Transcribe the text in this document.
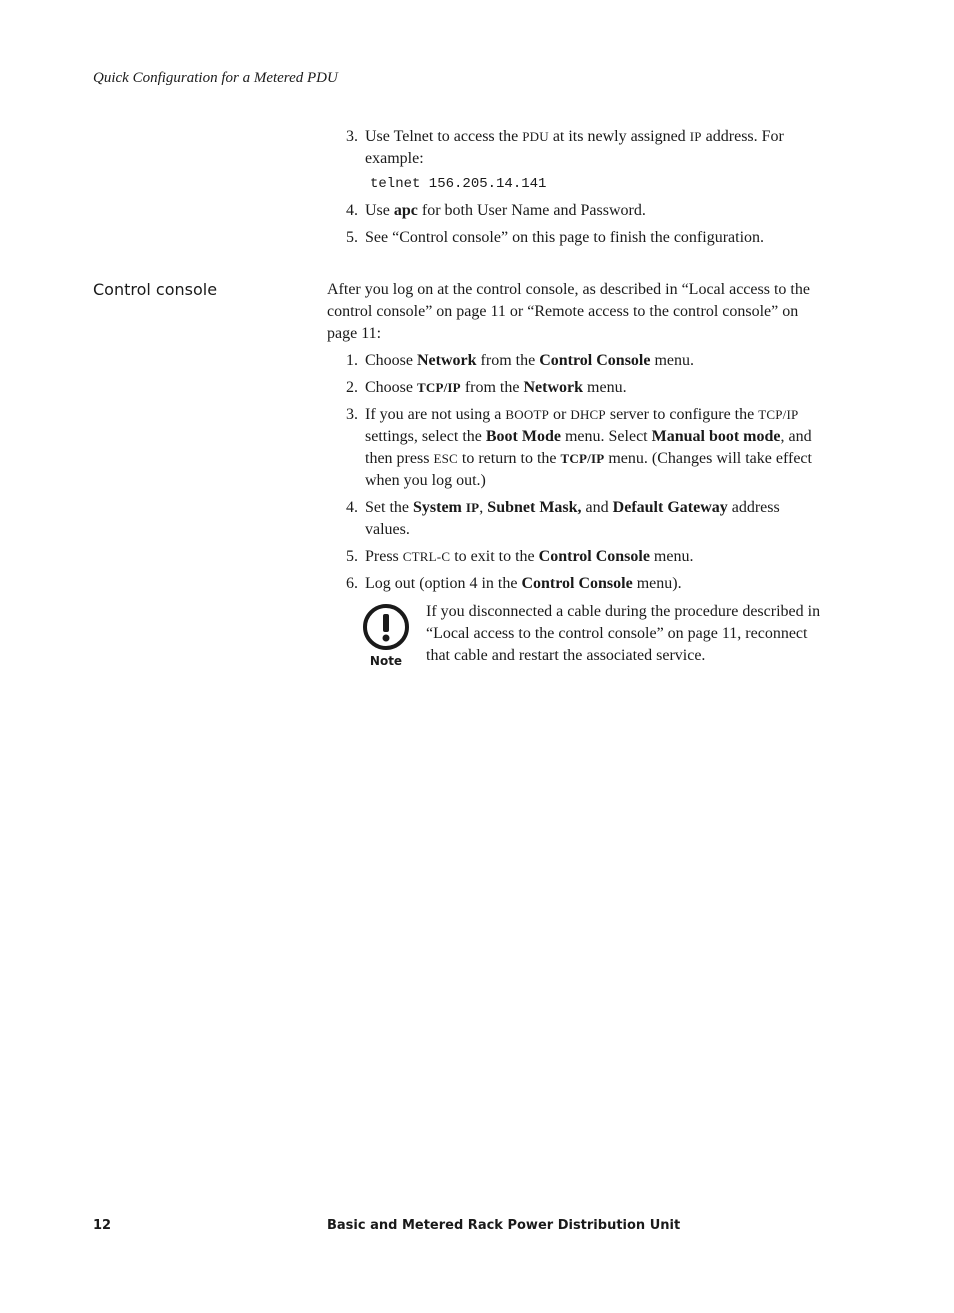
Quick Configuration for a Metered PDU
3. Use Telnet to access the PDU at its newly assigned IP address. For example:
telnet 156.205.14.141
4. Use apc for both User Name and Password.
5. See “Control console” on this page to finish the configuration.
Control console	After you log on at the control console, as described in “Local access to the control console” on page 11 or “Remote access to the control console” on page 11:
1. Choose Network from the Control Console menu.
2. Choose TCP/IP from the Network menu.
3. If you are not using a BOOTP or DHCP server to configure the TCP/IP settings, select the Boot Mode menu. Select Manual boot mode, and then press ESC to return to the TCP/IP menu. (Changes will take effect when you log out.)
4. Set the System IP, Subnet Mask, and Default Gateway address values.
5. Press CTRL-C to exit to the Control Console menu.
6. Log out (option 4 in the Control Console menu).
Note
If you disconnected a cable during the procedure described in “Local access to the control console” on page 11, reconnect that cable and restart the associated service.
12	Basic and Metered Rack Power Distribution Unit
